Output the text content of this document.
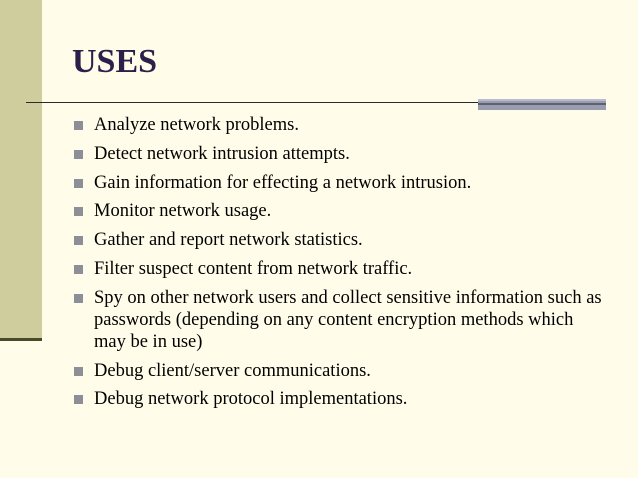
USES
Analyze network problems.
Detect network intrusion attempts.
Gain information for effecting a network intrusion.
Monitor network usage.
Gather and report network statistics.
Filter suspect content from network traffic.
Spy on other network users and collect sensitive information such as passwords (depending on any content encryption methods which may be in use)
Debug client/server communications.
Debug network protocol implementations.
